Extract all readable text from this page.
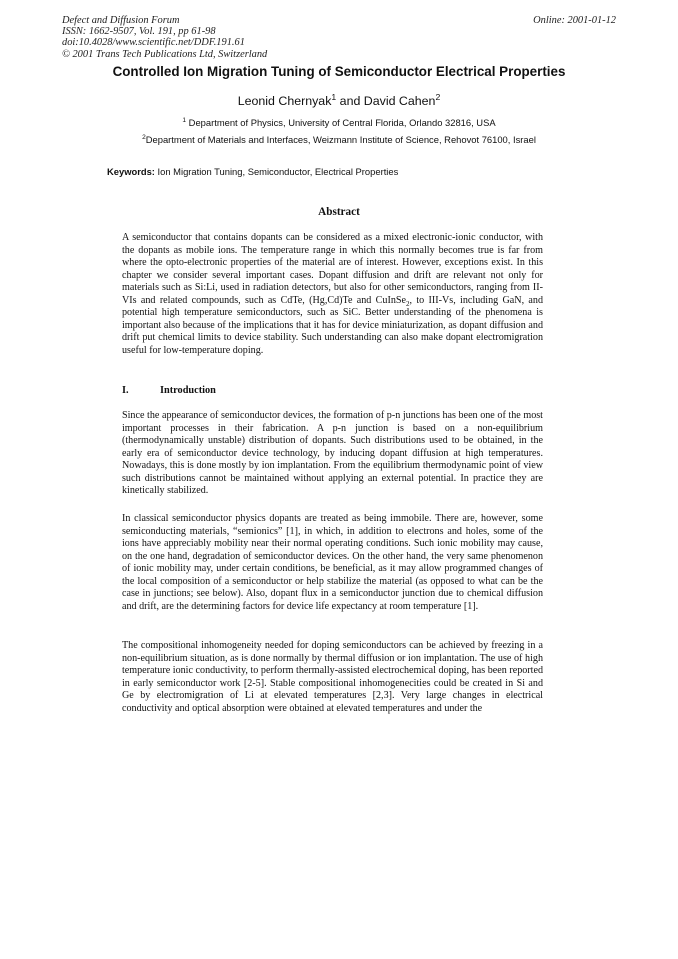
Defect and Diffusion Forum
ISSN: 1662-9507, Vol. 191, pp 61-98
doi:10.4028/www.scientific.net/DDF.191.61
© 2001 Trans Tech Publications Ltd, Switzerland
Online: 2001-01-12
Controlled Ion Migration Tuning of Semiconductor Electrical Properties
Leonid Chernyak$^1$ and David Cahen$^2$
$^1$ Department of Physics, University of Central Florida, Orlando 32816, USA
$^2$Department of Materials and Interfaces, Weizmann Institute of Science, Rehovot 76100, Israel
Keywords: Ion Migration Tuning, Semiconductor, Electrical Properties
Abstract
A semiconductor that contains dopants can be considered as a mixed electronic-ionic conductor, with the dopants as mobile ions. The temperature range in which this normally becomes true is far from where the opto-electronic properties of the material are of interest. However, exceptions exist. In this chapter we consider several important cases. Dopant diffusion and drift are relevant not only for materials such as Si:Li, used in radiation detectors, but also for other semiconductors, ranging from II-VIs and related compounds, such as CdTe, (Hg,Cd)Te and CuInSe$_2$, to III-Vs, including GaN, and potential high temperature semiconductors, such as SiC. Better understanding of the phenomena is important also because of the implications that it has for device miniaturization, as dopant diffusion and drift put chemical limits to device stability. Such understanding can also make dopant electromigration useful for low-temperature doping.
I.	Introduction
Since the appearance of semiconductor devices, the formation of p-n junctions has been one of the most important processes in their fabrication. A p-n junction is based on a non-equilibrium (thermodynamically unstable) distribution of dopants. Such distributions used to be obtained, in the early era of semiconductor device technology, by inducing dopant diffusion at high temperatures. Nowadays, this is done mostly by ion implantation. From the equilibrium thermodynamic point of view such distributions cannot be maintained without applying an external potential. In practice they are kinetically stabilized.
In classical semiconductor physics dopants are treated as being immobile. There are, however, some semiconducting materials, “semionics” [1], in which, in addition to electrons and holes, some of the ions have appreciably mobility near their normal operating conditions. Such ionic mobility may cause, on the one hand, degradation of semiconductor devices. On the other hand, the very same phenomenon of ionic mobility may, under certain conditions, be beneficial, as it may allow programmed changes of the local composition of a semiconductor or help stabilize the material (as opposed to what can be the case in junctions; see below). Also, dopant flux in a semiconductor junction due to chemical diffusion and drift, are the determining factors for device life expectancy at room temperature [1].
The compositional inhomogeneity needed for doping semiconductors can be achieved by freezing in a non-equilibrium situation, as is done normally by thermal diffusion or ion implantation. The use of high temperature ionic conductivity, to perform thermally-assisted electrochemical doping, has been reported in early semiconductor work [2-5]. Stable compositional inhomogenecities could be created in Si and Ge by electromigration of Li at elevated temperatures [2,3]. Very large changes in electrical conductivity and optical absorption were obtained at elevated temperatures and under the
